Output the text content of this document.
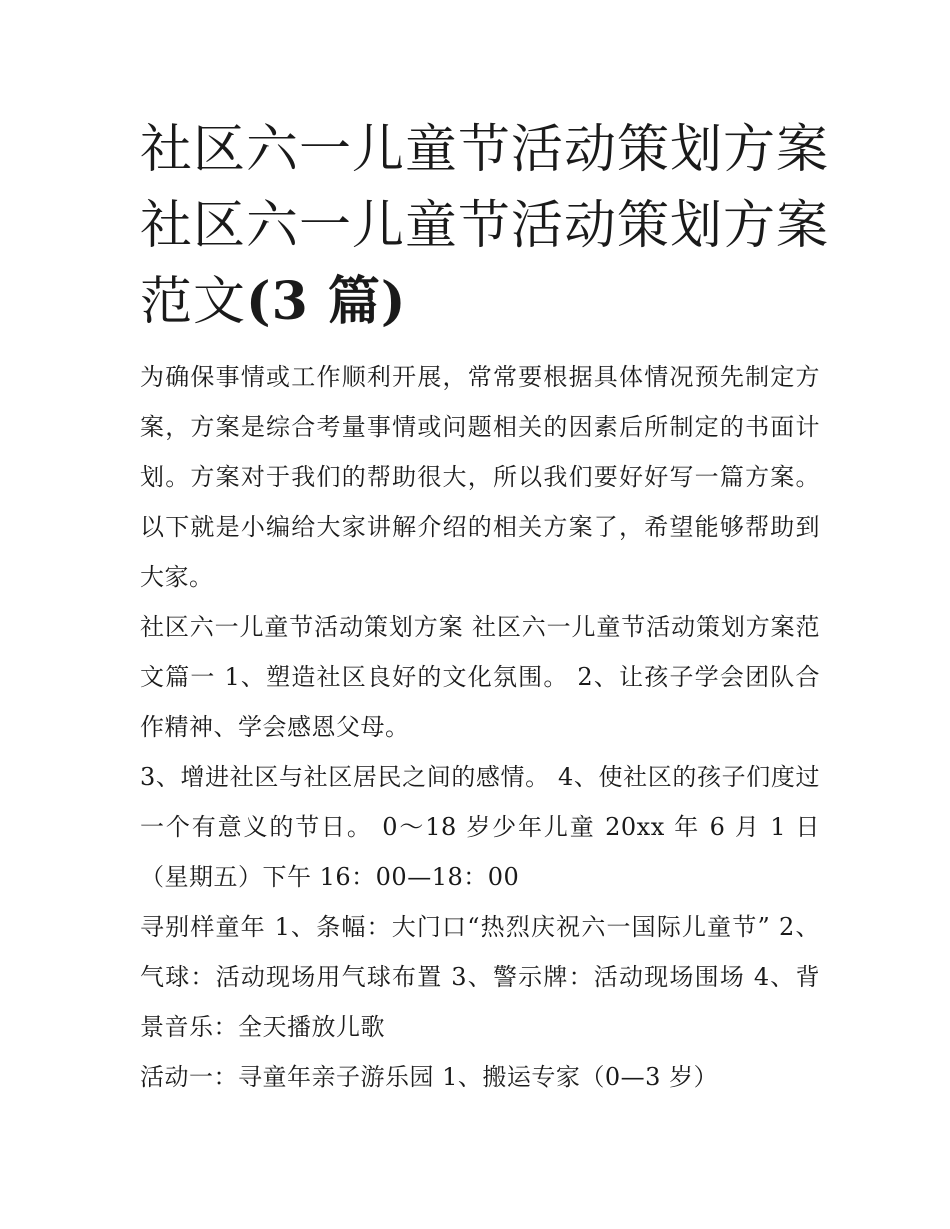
社区六一儿童节活动策划方案
社区六一儿童节活动策划方案
范文(3 篇)

为确保事情或工作顺利开展，常常要根据具体情况预先制定方案，方案是综合考量事情或问题相关的因素后所制定的书面计划。方案对于我们的帮助很大，所以我们要好好写一篇方案。以下就是小编给大家讲解介绍的相关方案了，希望能够帮助到大家。

社区六一儿童节活动策划方案 社区六一儿童节活动策划方案范文篇一 1、塑造社区良好的文化氛围。 2、让孩子学会团队合作精神、学会感恩父母。

3、增进社区与社区居民之间的感情。 4、使社区的孩子们度过一个有意义的节日。 0～18 岁少年儿童 20xx 年 6 月 1 日（星期五）下午 16：00—18：00

寻别样童年 1、条幅：大门口“热烈庆祝六一国际儿童节” 2、气球：活动现场用气球布置 3、警示牌：活动现场围场 4、背景音乐：全天播放儿歌

活动一：寻童年亲子游乐园 1、搬运专家（0—3 岁）
